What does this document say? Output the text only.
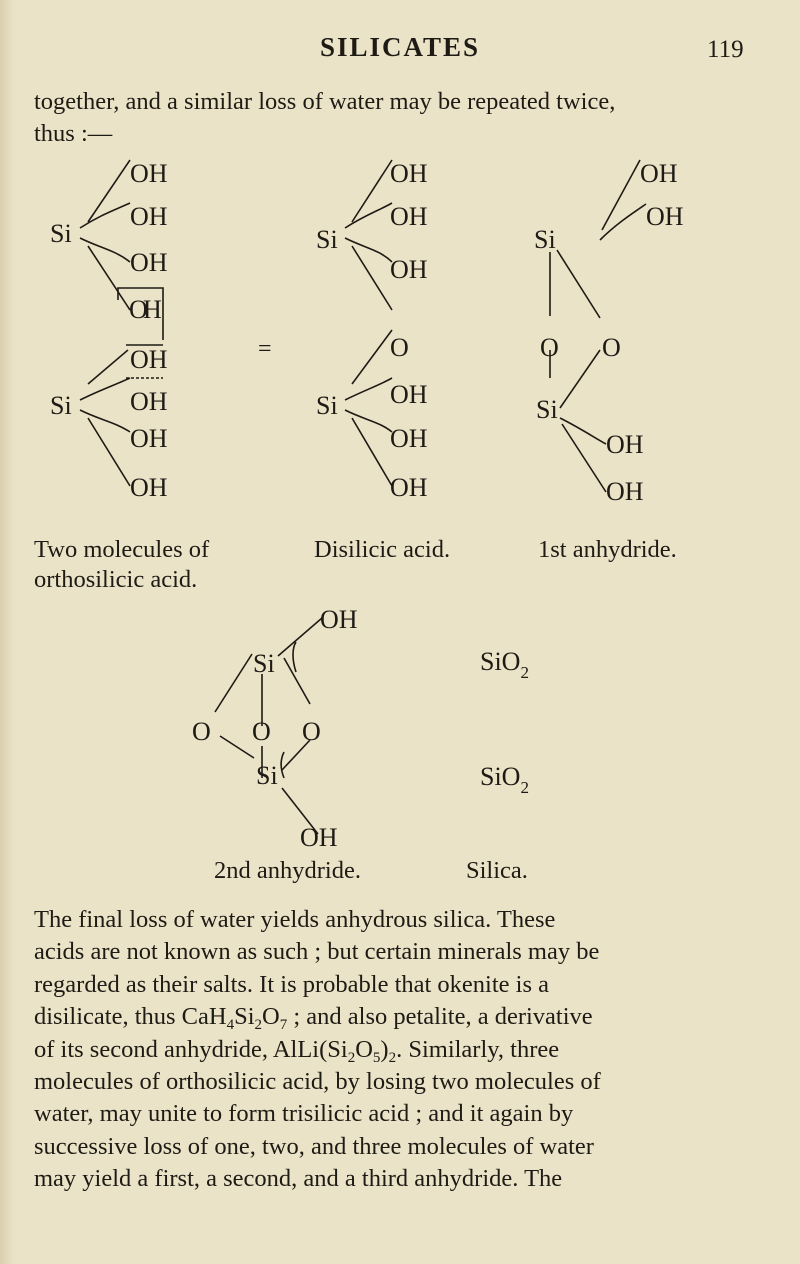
SILICATES	119
together, and a similar loss of water may be repeated twice,
thus :—
OH
Si
OH
OH
O
H
OH
Si OH
OH
OH
=
OH
Si
OH
OH
O
OH
Si
OH
OH
OH
Si
OH
O O
Si
OH
OH
OH
Si
O O O
Si
OH
SiO$_2$
SiO$_2$
Two molecules of
orthosilicic acid.
Disilicic acid.	1st anhydride.
2nd anhydride.	Silica.
The final loss of water yields anhydrous silica. These
acids are not known as such ; but certain minerals may be
regarded as their salts. It is probable that okenite is a
disilicate, thus $CaH_4Si_2O_7$ ; and also petalite, a derivative
of its second anhydride, $AlLi(Si_2O_5)_2$. Similarly, three
molecules of orthosilicic acid, by losing two molecules of
water, may unite to form trisilicic acid ; and it again by
successive loss of one, two, and three molecules of water
may yield a first, a second, and a third anhydride. The
